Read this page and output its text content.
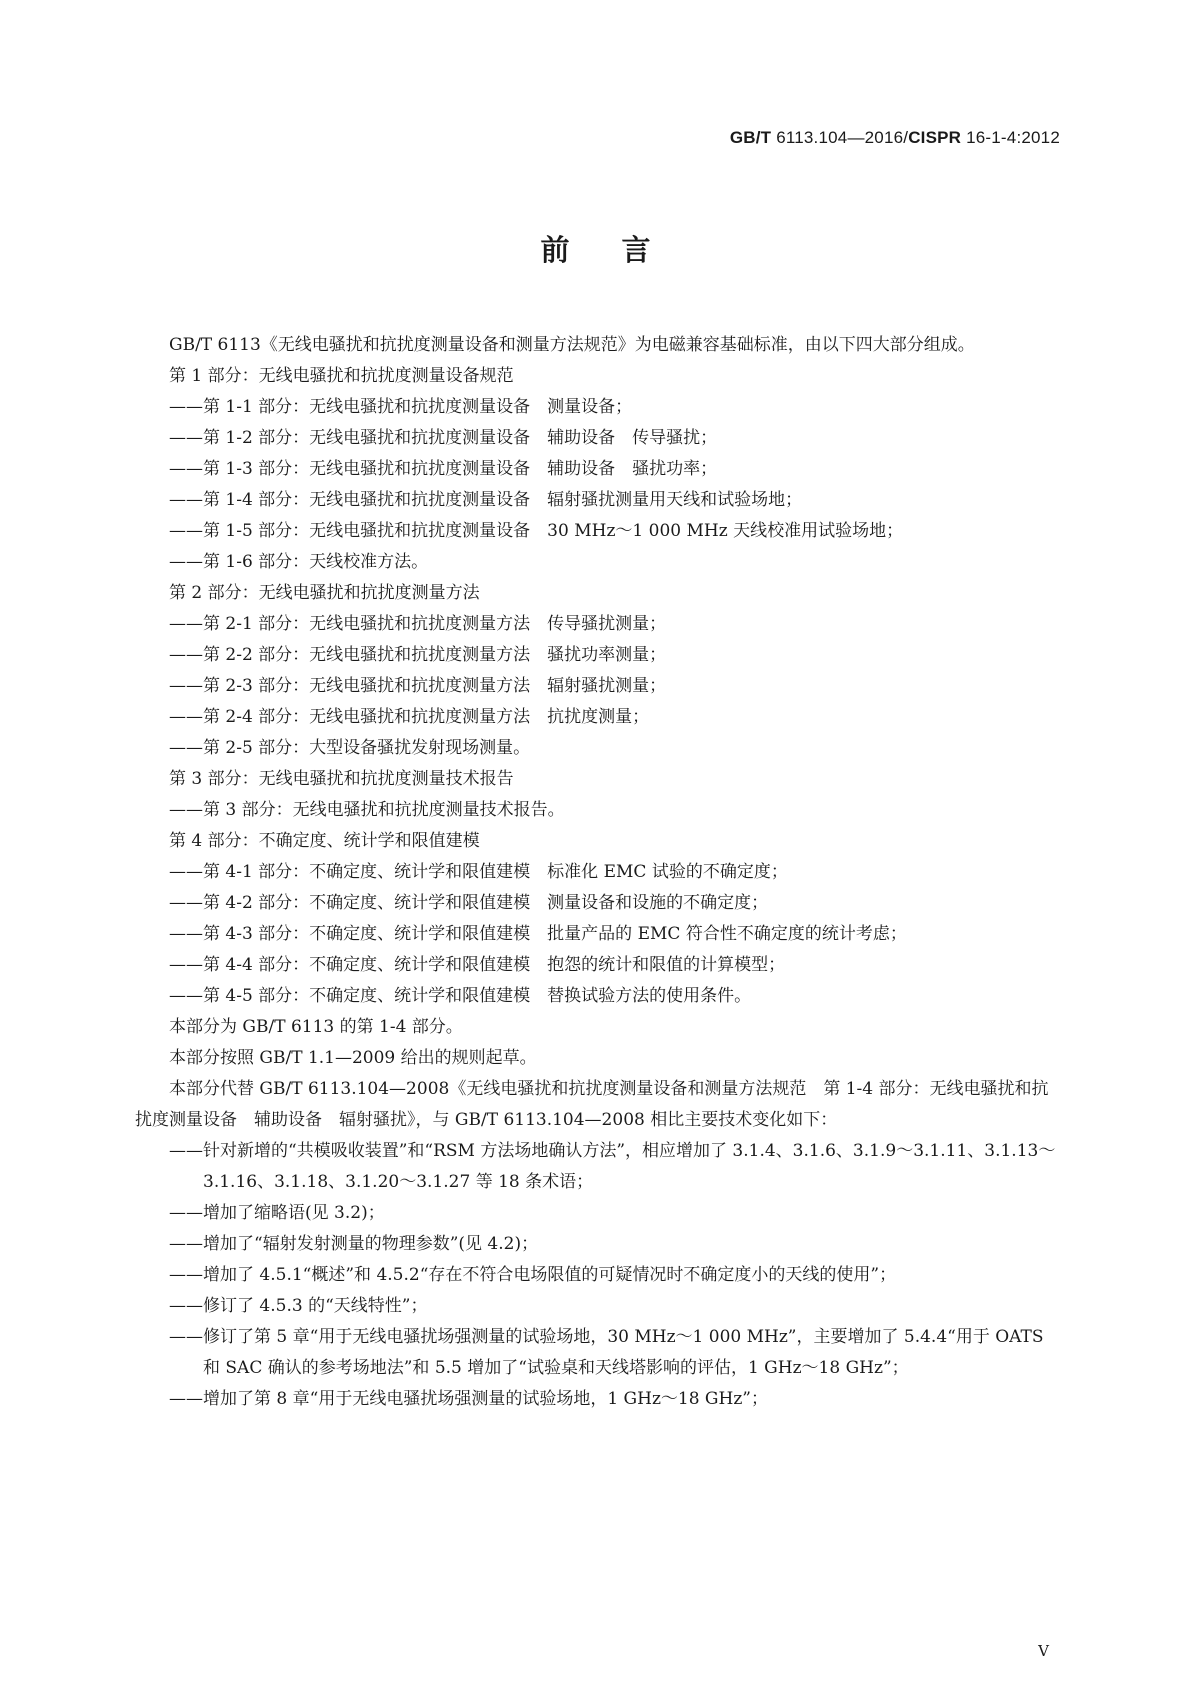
GB/T 6113.104—2016/CISPR 16-1-4:2012
前言

GB/T 6113《无线电骚扰和抗扰度测量设备和测量方法规范》为电磁兼容基础标准，由以下四大部分组成。

第 1 部分：无线电骚扰和抗扰度测量设备规范

——第 1-1 部分：无线电骚扰和抗扰度测量设备　测量设备；

——第 1-2 部分：无线电骚扰和抗扰度测量设备　辅助设备　传导骚扰；

——第 1-3 部分：无线电骚扰和抗扰度测量设备　辅助设备　骚扰功率；

——第 1-4 部分：无线电骚扰和抗扰度测量设备　辐射骚扰测量用天线和试验场地；

——第 1-5 部分：无线电骚扰和抗扰度测量设备　30 MHz～1 000 MHz 天线校准用试验场地；

——第 1-6 部分：天线校准方法。

第 2 部分：无线电骚扰和抗扰度测量方法

——第 2-1 部分：无线电骚扰和抗扰度测量方法　传导骚扰测量；

——第 2-2 部分：无线电骚扰和抗扰度测量方法　骚扰功率测量；

——第 2-3 部分：无线电骚扰和抗扰度测量方法　辐射骚扰测量；

——第 2-4 部分：无线电骚扰和抗扰度测量方法　抗扰度测量；

——第 2-5 部分：大型设备骚扰发射现场测量。

第 3 部分：无线电骚扰和抗扰度测量技术报告

——第 3 部分：无线电骚扰和抗扰度测量技术报告。

第 4 部分：不确定度、统计学和限值建模

——第 4-1 部分：不确定度、统计学和限值建模　标准化 EMC 试验的不确定度；

——第 4-2 部分：不确定度、统计学和限值建模　测量设备和设施的不确定度；

——第 4-3 部分：不确定度、统计学和限值建模　批量产品的 EMC 符合性不确定度的统计考虑；

——第 4-4 部分：不确定度、统计学和限值建模　抱怨的统计和限值的计算模型；

——第 4-5 部分：不确定度、统计学和限值建模　替换试验方法的使用条件。

本部分为 GB/T 6113 的第 1-4 部分。

本部分按照 GB/T 1.1—2009 给出的规则起草。

本部分代替 GB/T 6113.104—2008《无线电骚扰和抗扰度测量设备和测量方法规范　第 1-4 部分：无线电骚扰和抗扰度测量设备　辅助设备　辐射骚扰》，与 GB/T 6113.104—2008 相比主要技术变化如下：

——针对新增的“共模吸收装置”和“RSM 方法场地确认方法”，相应增加了 3.1.4、3.1.6、3.1.9～3.1.11、3.1.13～3.1.16、3.1.18、3.1.20～3.1.27 等 18 条术语；

——增加了缩略语(见 3.2)；

——增加了“辐射发射测量的物理参数”(见 4.2)；

——增加了 4.5.1“概述”和 4.5.2“存在不符合电场限值的可疑情况时不确定度小的天线的使用”；

——修订了 4.5.3 的“天线特性”；

——修订了第 5 章“用于无线电骚扰场强测量的试验场地，30 MHz～1 000 MHz”，主要增加了 5.4.4“用于 OATS 和 SAC 确认的参考场地法”和 5.5 增加了“试验桌和天线塔影响的评估，1 GHz～18 GHz”；

——增加了第 8 章“用于无线电骚扰场强测量的试验场地，1 GHz～18 GHz”；

V
